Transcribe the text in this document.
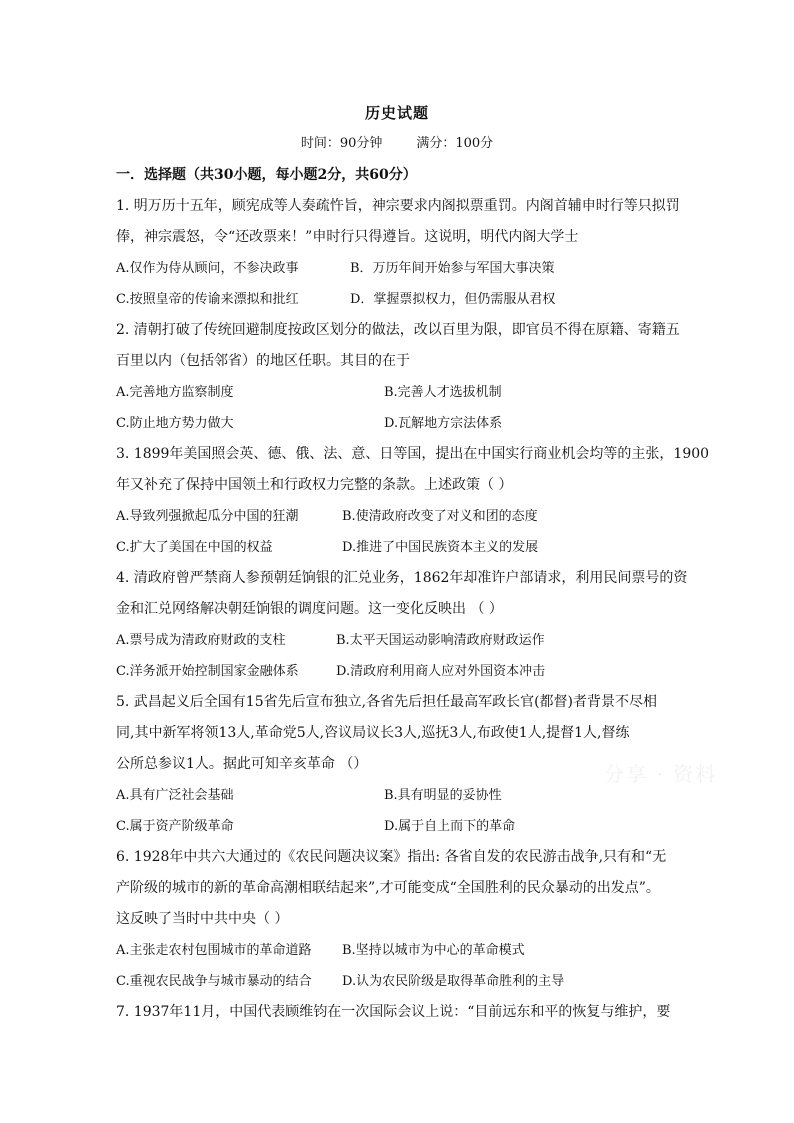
历史试题
时间：90分钟	满分：100分
一．选择题（共30小题，每小题2分，共60分）

1. 明万历十五年，顾宪成等人奏疏忤旨，神宗要求内阁拟票重罚。内阁首辅申时行等只拟罚

俸，神宗震怒，令“还改票来！”申时行只得遵旨。这说明，明代内阁大学士

A.仅作为侍从顾问，不参决政事	B．万历年间开始参与军国大事决策
C.按照皇帝的传谕来漂拟和批红	D．掌握票拟权力，但仍需服从君权

2. 清朝打破了传统回避制度按政区划分的做法，改以百里为限，即官员不得在原籍、寄籍五

百里以内（包括邻省）的地区任职。其目的在于

A.完善地方监察制度	B.完善人才选拔机制
C.防止地方势力做大	D.瓦解地方宗法体系

3. 1899年美国照会英、德、俄、法、意、日等国，提出在中国实行商业机会均等的主张，1900

年又补充了保持中国领土和行政权力完整的条款。上述政策（ ）

A.导致列强掀起瓜分中国的狂潮	B.使清政府改变了对义和团的态度
C.扩大了美国在中国的权益	D.推进了中国民族资本主义的发展

4. 清政府曾严禁商人参预朝廷饷银的汇兑业务，1862年却准许户部请求，利用民间票号的资

金和汇兑网络解决朝廷饷银的调度问题。这一变化反映出 （ ）

A.票号成为清政府财政的支柱	B.太平天国运动影响清政府财政运作
C.洋务派开始控制国家金融体系	D.清政府利用商人应对外国资本冲击

5. 武昌起义后全国有15省先后宣布独立,各省先后担任最高军政长官(都督)者背景不尽相

同,其中新军将领13人,革命党5人,咨议局议长3人,巡抚3人,布政使1人,提督1人,督练

公所总参议1人。据此可知辛亥革命 （）

A.具有广泛社会基础	B.具有明显的妥协性
C.属于资产阶级革命	D.属于自上而下的革命

6. 1928年中共六大通过的《农民问题决议案》指出: 各省自发的农民游击战争,只有和“无

产阶级的城市的新的革命高潮相联结起来”,才可能变成“全国胜利的民众暴动的出发点”。

这反映了当时中共中央（ ）

A.主张走农村包围城市的革命道路	B.坚持以城市为中心的革命模式
C.重视农民战争与城市暴动的结合	D.认为农民阶级是取得革命胜利的主导

7. 1937年11月，中国代表顾维钧在一次国际会议上说：“目前远东和平的恢复与维护，要

分享 · 资料
